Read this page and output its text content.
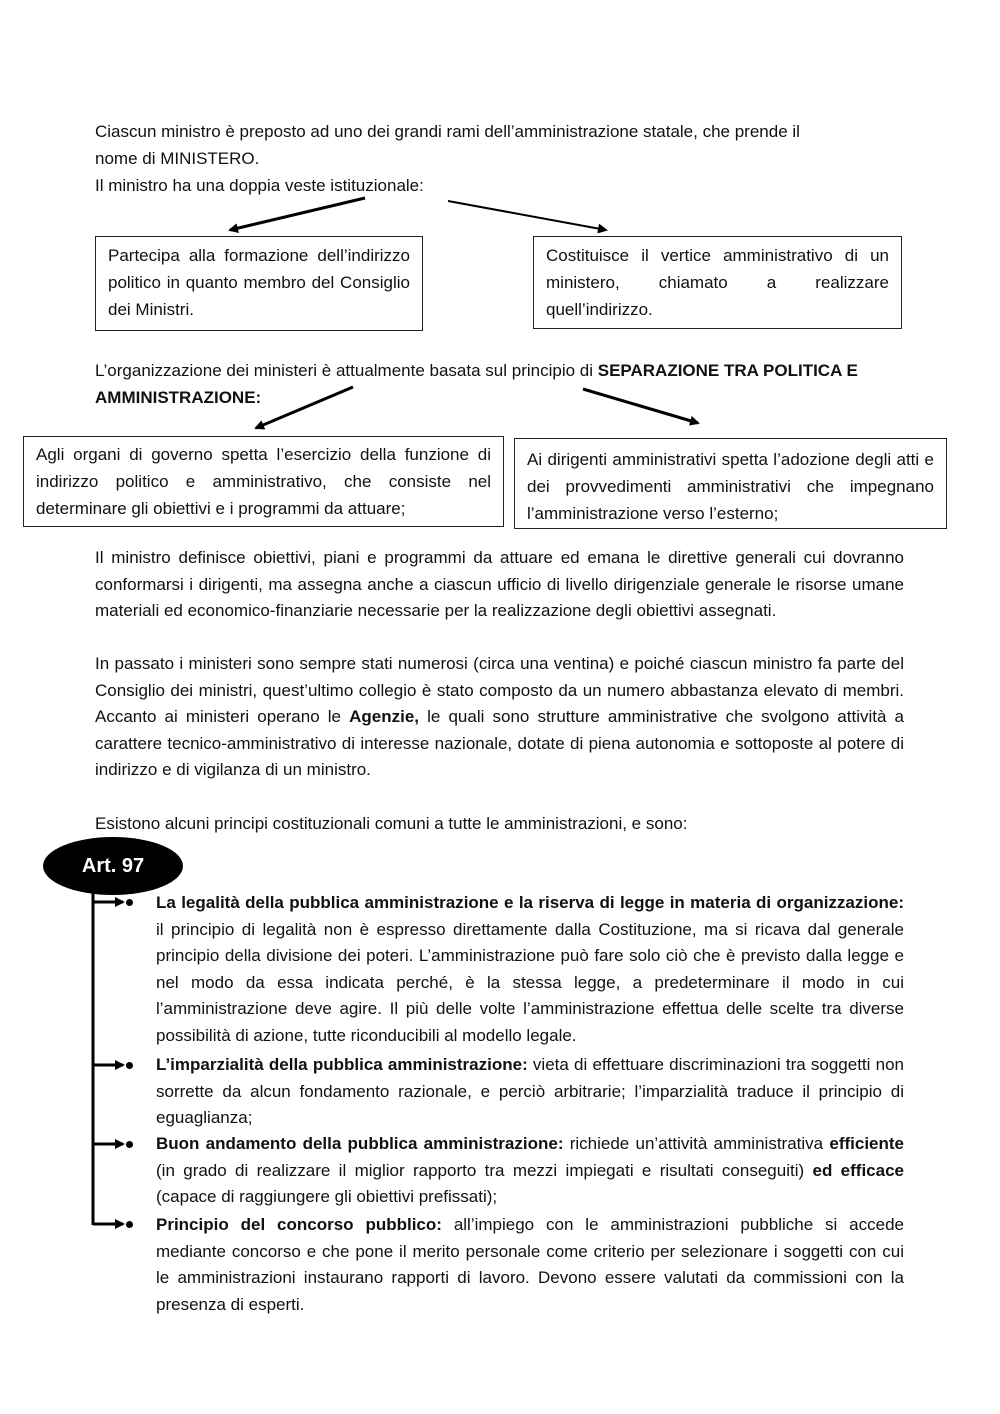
Ciascun ministro è preposto ad uno dei grandi rami dell’amministrazione statale, che prende il
nome di MINISTERO.
Il ministro ha una doppia veste istituzionale:
Partecipa alla formazione dell’indirizzo politico in quanto membro del Consiglio dei Ministri.
Costituisce il vertice amministrativo di un ministero, chiamato a realizzare quell’indirizzo.
L’organizzazione dei ministeri è attualmente basata sul principio di SEPARAZIONE TRA POLITICA E AMMINISTRAZIONE:
Agli organi di governo spetta l’esercizio della funzione di indirizzo politico e amministrativo, che consiste nel determinare gli obiettivi e i programmi da attuare;
Ai dirigenti amministrativi spetta l’adozione degli atti e dei provvedimenti amministrativi che impegnano l’amministrazione verso l’esterno;
Il ministro definisce obiettivi, piani e programmi da attuare ed emana le direttive generali cui dovranno conformarsi i dirigenti, ma assegna anche a ciascun ufficio di livello dirigenziale generale le risorse umane materiali ed economico-finanziarie necessarie per la realizzazione degli obiettivi assegnati.
In passato i ministeri sono sempre stati numerosi (circa una ventina) e poiché ciascun ministro fa parte del Consiglio dei ministri, quest’ultimo collegio è stato composto da un numero abbastanza elevato di membri. Accanto ai ministeri operano le Agenzie, le quali sono strutture amministrative che svolgono attività a carattere tecnico-amministrativo di interesse nazionale, dotate di piena autonomia e sottoposte al potere di indirizzo e di vigilanza di un ministro.
Esistono alcuni principi costituzionali comuni a tutte le amministrazioni, e sono:
Art. 97
La legalità della pubblica amministrazione e la riserva di legge in materia di organizzazione: il principio di legalità non è espresso direttamente dalla Costituzione, ma si ricava dal generale principio della divisione dei poteri. L’amministrazione può fare solo ciò che è previsto dalla legge e nel modo da essa indicata perché, è la stessa legge, a predeterminare il modo in cui l’amministrazione deve agire. Il più delle volte l’amministrazione effettua delle scelte tra diverse possibilità di azione, tutte riconducibili al modello legale.
L’imparzialità della pubblica amministrazione: vieta di effettuare discriminazioni tra soggetti non sorrette da alcun fondamento razionale, e perciò arbitrarie; l’imparzialità traduce il principio di eguaglianza;
Buon andamento della pubblica amministrazione: richiede un’attività amministrativa efficiente (in grado di realizzare il miglior rapporto tra mezzi impiegati e risultati conseguiti) ed efficace (capace di raggiungere gli obiettivi prefissati);
Principio del concorso pubblico: all’impiego con le amministrazioni pubbliche si accede mediante concorso e che pone il merito personale come criterio per selezionare i soggetti con cui le amministrazioni instaurano rapporti di lavoro. Devono essere valutati da commissioni con la presenza di esperti.
